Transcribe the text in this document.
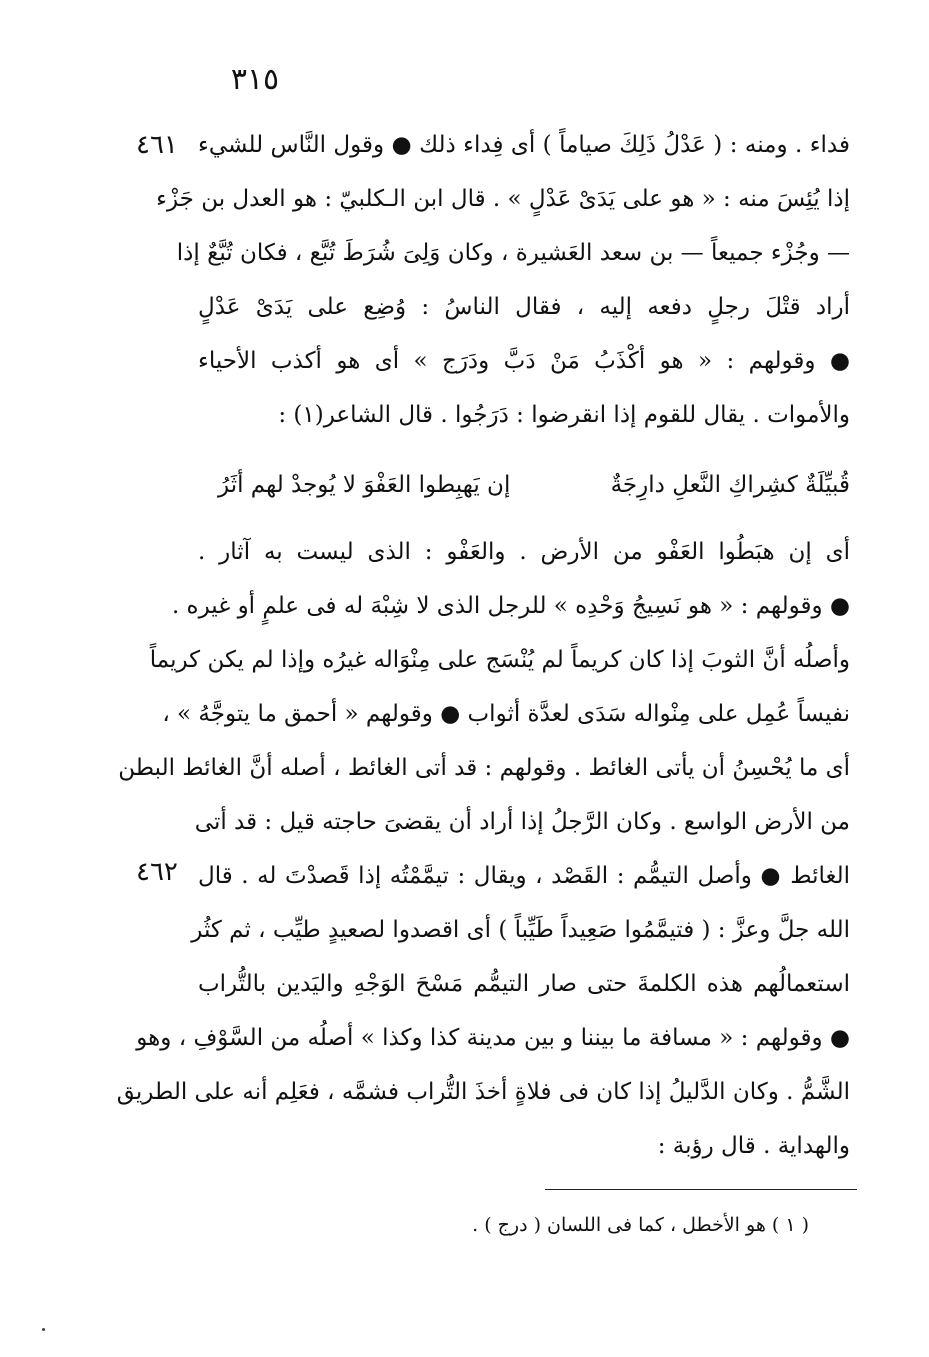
٣١٥
٤٦١
٤٦٢
فداء . ومنه : ( عَدْلُ ذَلِكَ صياماً ) أى فِداء ذلك ● وقول النَّاس للشيء
إذا يُئِسَ منه : « هو على يَدَىْ عَدْلٍ » . قال ابن الـكلبيّ : هو العدل بن جَزْء
— وجُزْء جميعاً — بن سعد العَشيرة ، وكان وَلِىَ شُرَطَ تُبَّع ، فكان تُبَّعٌ إذا
أراد قتْلَ رجلٍ دفعه إليه ، فقال الناسُ : وُضِع على يَدَىْ عَدْلٍ
● وقولهم : « هو أكْذَبُ مَنْ دَبَّ ودَرَج » أى هو أكذب الأحياء
والأموات . يقال للقوم إذا انقرضوا : دَرَجُوا . قال الشاعر(١) :
قُبيِّلَةٌ كشِراكِ النَّعلِ دارِجَةٌ
إن يَهبِطوا العَفْوَ لا يُوجدْ لهم أثَرُ
أى إن هبَطُوا العَفْو من الأرض . والعَفْو : الذى ليست به آثار .
● وقولهم : « هو نَسِيجُ وَحْدِه » للرجل الذى لا شِبْهَ له فى علمٍ أو غيره .
وأصلُه أنَّ الثوبَ إذا كان كريماً لم يُنْسَج على مِنْوَاله غيرُه وإذا لم يكن كريماً
نفيساً عُمِل على مِنْواله سَدَى لعدَّة أثواب ● وقولهم « أحمق ما يتوجَّهُ » ،
أى ما يُحْسِنُ أن يأتى الغائط . وقولهم : قد أتى الغائط ، أصله أنَّ الغائط البطن
من الأرض الواسع . وكان الرَّجلُ إذا أراد أن يقضىَ حاجته قيل : قد أتى
الغائط ● وأصل التيمُّم : القَصْد ، ويقال : تيمَّمْتُه إذا قَصدْتَ له . قال
الله جلَّ وعزَّ : ( فتيمَّمُوا صَعِيداً طَيِّباً ) أى اقصدوا لصعيدٍ طيِّب ، ثم كثُر
استعمالُهم هذه الكلمةَ حتى صار التيمُّم مَسْحَ الوَجْهِ واليَدين بالتُّراب
● وقولهم : « مسافة ما بيننا و بين مدينة كذا وكذا » أصلُه من السَّوْفِ ، وهو
الشَّمُّ . وكان الدَّليلُ إذا كان فى فلاةٍ أخذَ التُّراب فشمَّه ، فعَلِم أنه على الطريق
والهداية . قال رؤبة :
( ١ ) هو الأخطل ، كما فى اللسان ( درج ) .
